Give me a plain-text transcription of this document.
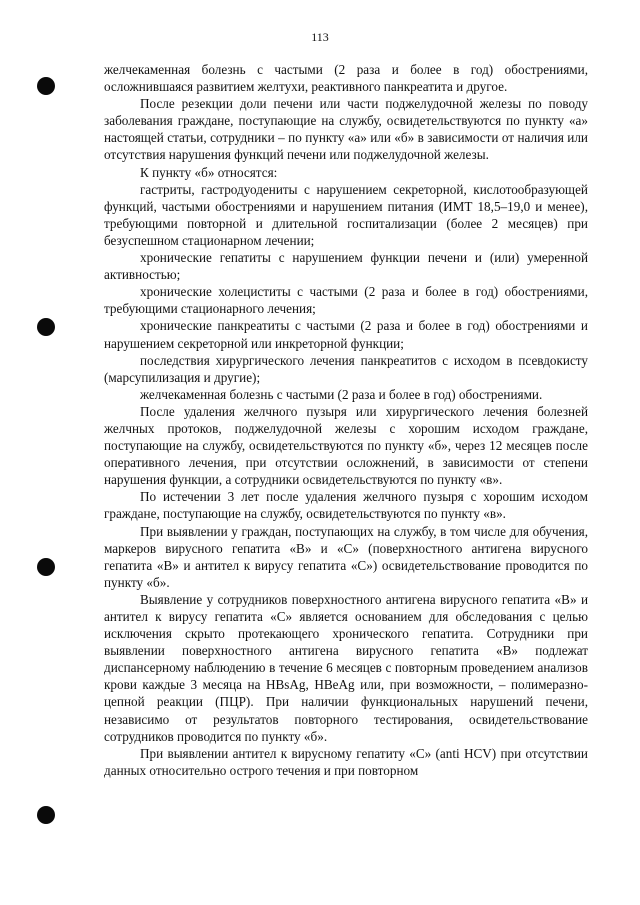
113

желчекаменная болезнь с частыми (2 раза и более в год) обострениями, осложнившаяся развитием желтухи, реактивного панкреатита и другое.

После резекции доли печени или части поджелудочной железы по поводу заболевания граждане, поступающие на службу, освидетельствуются по пункту «а» настоящей статьи, сотрудники – по пункту «а» или «б» в зависимости от наличия или отсутствия нарушения функций печени или поджелудочной железы.

К пункту «б» относятся:

гастриты, гастродуодениты с нарушением секреторной, кислотообразующей функций, частыми обострениями и нарушением питания (ИМТ 18,5–19,0 и менее), требующими повторной и длительной госпитализации (более 2 месяцев) при безуспешном стационарном лечении;

хронические гепатиты с нарушением функции печени и (или) умеренной активностью;

хронические холециститы с частыми (2 раза и более в год) обострениями, требующими стационарного лечения;

хронические панкреатиты с частыми (2 раза и более в год) обострениями и нарушением секреторной или инкреторной функции;

последствия хирургического лечения панкреатитов с исходом в псевдокисту (марсупилизация и другие);

желчекаменная болезнь с частыми (2 раза и более в год) обострениями.

После удаления желчного пузыря или хирургического лечения болезней желчных протоков, поджелудочной железы с хорошим исходом граждане, поступающие на службу, освидетельствуются по пункту «б», через 12 месяцев после оперативного лечения, при отсутствии осложнений, в зависимости от степени нарушения функции, а сотрудники освидетельствуются по пункту «в».

По истечении 3 лет после удаления желчного пузыря с хорошим исходом граждане, поступающие на службу, освидетельствуются по пункту «в».

При выявлении у граждан, поступающих на службу, в том числе для обучения, маркеров вирусного гепатита «В» и «С» (поверхностного антигена вирусного гепатита «В» и антител к вирусу гепатита «С») освидетельствование проводится по пункту «б».

Выявление у сотрудников поверхностного антигена вирусного гепатита «В» и антител к вирусу гепатита «С» является основанием для обследования с целью исключения скрыто протекающего хронического гепатита. Сотрудники при выявлении поверхностного антигена вирусного гепатита «В» подлежат диспансерному наблюдению в течение 6 месяцев с повторным проведением анализов крови каждые 3 месяца на HBsAg, HBeAg или, при возможности, – полимеразно-цепной реакции (ПЦР). При наличии функциональных нарушений печени, независимо от результатов повторного тестирования, освидетельствование сотрудников проводится по пункту «б».

При выявлении антител к вирусному гепатиту «С» (anti HCV) при отсутствии данных относительно острого течения и при повторном
